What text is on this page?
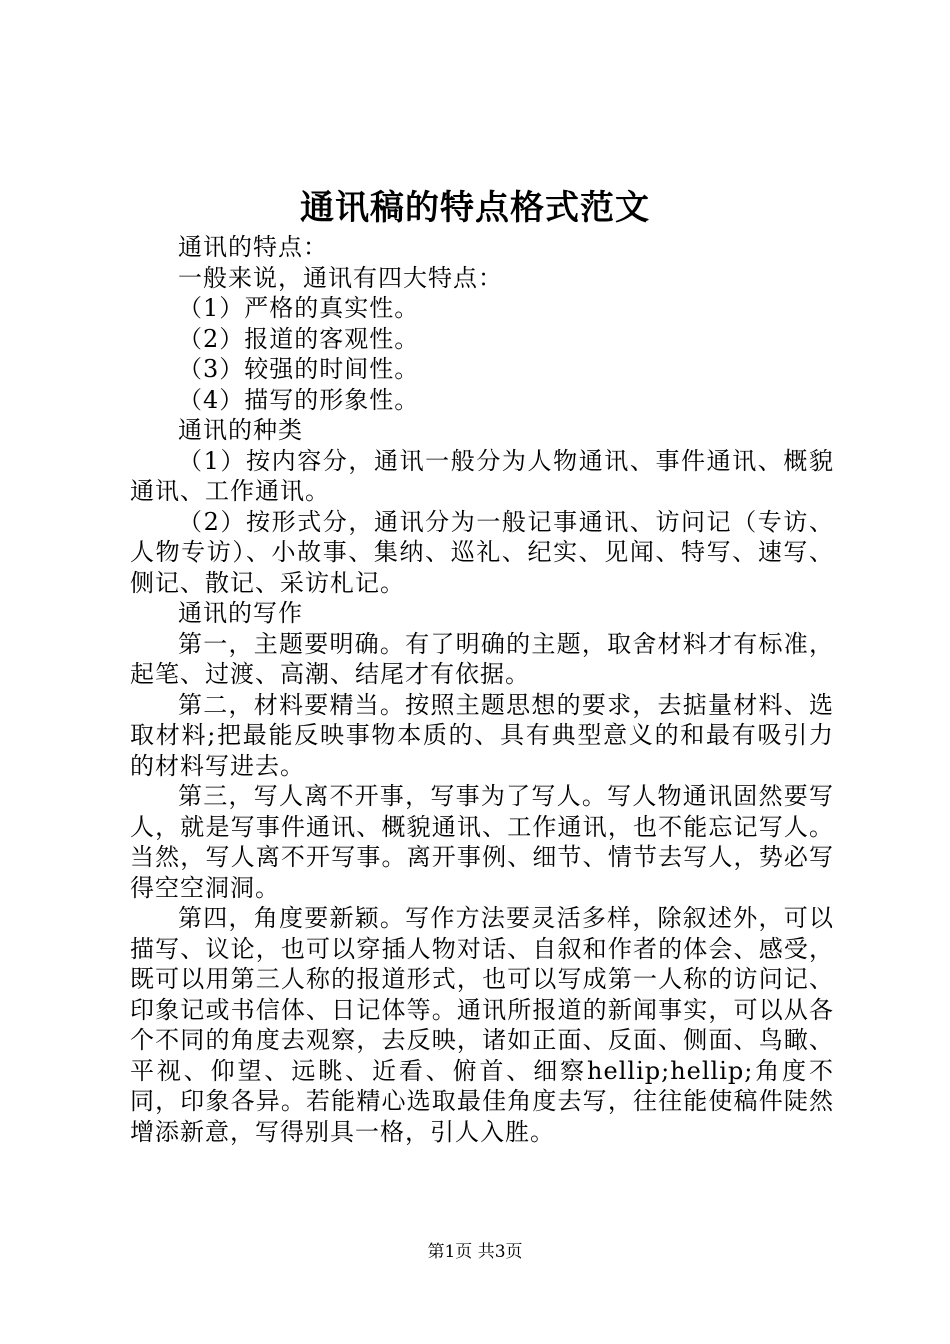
通讯稿的特点格式范文

通讯的特点：

一般来说，通讯有四大特点：

（1）严格的真实性。

（2）报道的客观性。

（3）较强的时间性。

（4）描写的形象性。

通讯的种类

（1）按内容分，通讯一般分为人物通讯、事件通讯、概貌通讯、工作通讯。

（2）按形式分，通讯分为一般记事通讯、访问记（专访、人物专访）、小故事、集纳、巡礼、纪实、见闻、特写、速写、侧记、散记、采访札记。

通讯的写作

第一，主题要明确。有了明确的主题，取舍材料才有标准，起笔、过渡、高潮、结尾才有依据。

第二，材料要精当。按照主题思想的要求，去掂量材料、选取材料;把最能反映事物本质的、具有典型意义的和最有吸引力的材料写进去。

第三，写人离不开事，写事为了写人。写人物通讯固然要写人，就是写事件通讯、概貌通讯、工作通讯，也不能忘记写人。当然，写人离不开写事。离开事例、细节、情节去写人，势必写得空空洞洞。

第四，角度要新颖。写作方法要灵活多样，除叙述外，可以描写、议论，也可以穿插人物对话、自叙和作者的体会、感受，既可以用第三人称的报道形式，也可以写成第一人称的访问记、印象记或书信体、日记体等。通讯所报道的新闻事实，可以从各个不同的角度去观察，去反映，诸如正面、反面、侧面、鸟瞰、平视、仰望、远眺、近看、俯首、细察hellip;hellip;角度不同，印象各异。若能精心选取最佳角度去写，往往能使稿件陡然增添新意，写得别具一格，引人入胜。

第1页 共3页
